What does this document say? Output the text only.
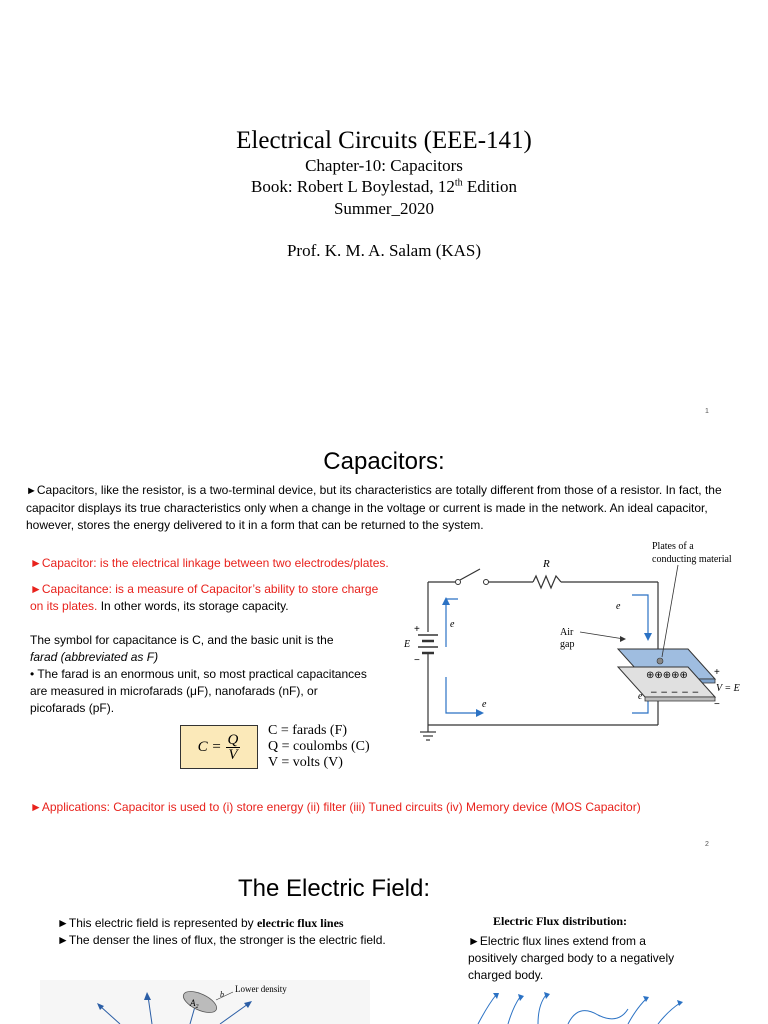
Electrical Circuits (EEE-141)
Chapter-10: Capacitors
Book: Robert L Boylestad, 12th Edition
Summer_2020
Prof. K. M. A. Salam (KAS)
1
Capacitors:
►Capacitors, like the resistor, is a two-terminal device, but its characteristics are totally different from those of a resistor. In fact, the capacitor displays its true characteristics only when a change in the voltage or current is made in the network. An ideal capacitor, however, stores the energy delivered to it in a form that can be returned to the system.
►Capacitor: is the electrical linkage between two electrodes/plates.
►Capacitance: is a measure of Capacitor’s ability to store charge on its plates. In other words, its storage capacity.
The symbol for capacitance is C, and the basic unit is the
farad (abbreviated as F)
• The farad is an enormous unit, so most practical capacitances are measured in microfarads (μF), nanofarads (nF), or picofarads (pF).
$C = \frac{Q}{V}$
C = farads (F)
Q = coulombs (C)
V = volts (V)
R
+
E
−
e
e
e
e
⊕⊕⊕⊕⊕
− − − − −
Plates of a
conducting material
Air
gap
+
V = E
−
►Applications: Capacitor is used to (i) store energy (ii) filter (iii) Tuned circuits (iv) Memory device (MOS Capacitor)
2
The Electric Field:
►This electric field is represented by electric flux lines
►The denser the lines of flux, the stronger is the electric field.
Electric Flux distribution:
►Electric flux lines extend from a positively charged body to a negatively charged body.
$A_2$
b
Lower density
